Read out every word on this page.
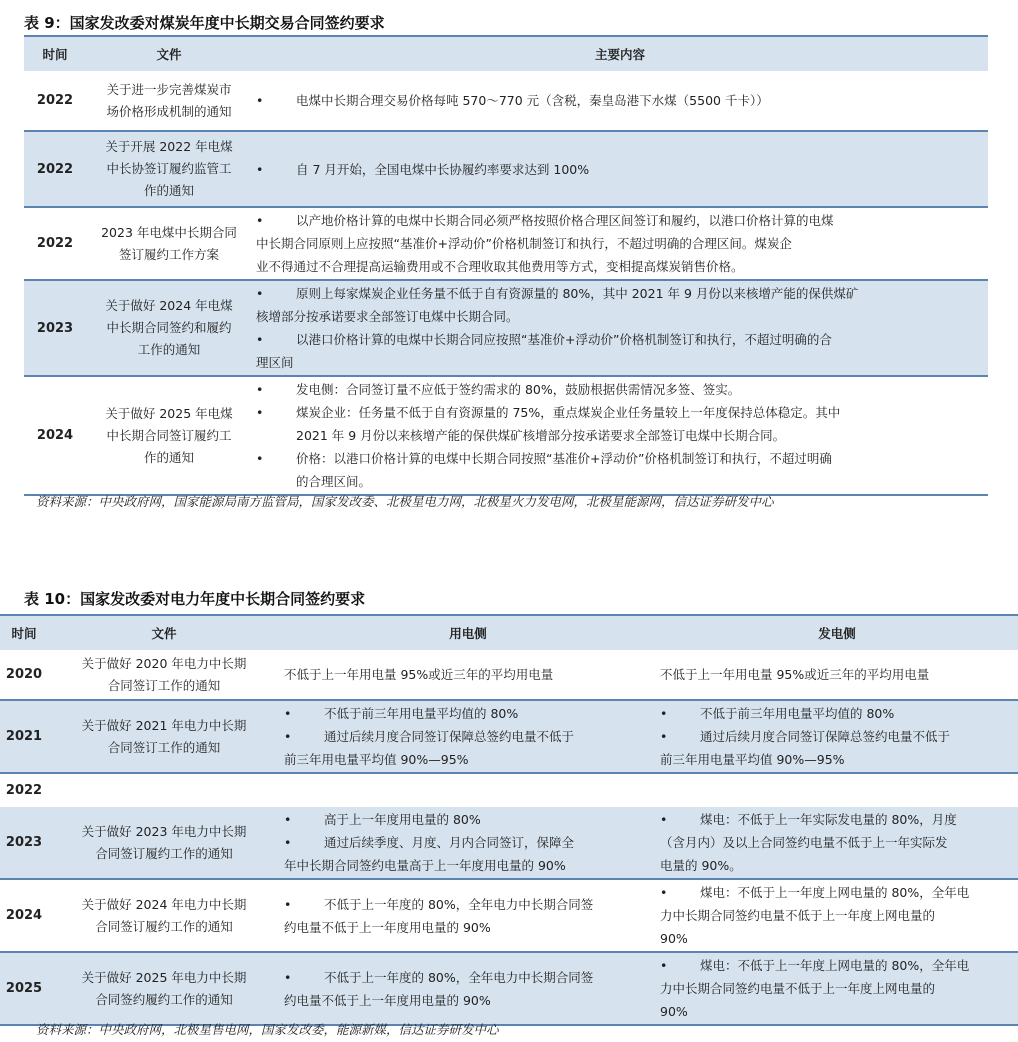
表 9：国家发改委对煤炭年度中长期交易合同签约要求
时间	文件	主要内容
2022	关于进一步完善煤炭市
场价格形成机制的通知	• 电煤中长期合理交易价格每吨 570～770 元（含税，秦皇岛港下水煤（5500 千卡））

2022	关于开展 2022 年电煤
中长协签订履约监管工
作的通知	• 自 7 月开始，全国电煤中长协履约率要求达到 100%

2022	2023 年电煤中长期合同
签订履约工作方案	• 以产地价格计算的电煤中长期合同必须严格按照价格合理区间签订和履约，以港口价格计算的电煤
中长期合同原则上应按照“基准价+浮动价”价格机制签订和执行，不超过明确的合理区间。煤炭企
业不得通过不合理提高运输费用或不合理收取其他费用等方式，变相提高煤炭销售价格。

2023	关于做好 2024 年电煤
中长期合同签约和履约
工作的通知	• 原则上每家煤炭企业任务量不低于自有资源量的 80%，其中 2021 年 9 月份以来核增产能的保供煤矿
核增部分按承诺要求全部签订电煤中长期合同。
• 以港口价格计算的电煤中长期合同应按照“基准价+浮动价”价格机制签订和执行，不超过明确的合
理区间

2024	关于做好 2025 年电煤
中长期合同签订履约工
作的通知	• 发电侧：合同签订量不应低于签约需求的 80%，鼓励根据供需情况多签、签实。
• 煤炭企业：任务量不低于自有资源量的 75%，重点煤炭企业任务量较上一年度保持总体稳定。其中
2021 年 9 月份以来核增产能的保供煤矿核增部分按承诺要求全部签订电煤中长期合同。
• 价格：以港口价格计算的电煤中长期合同按照“基准价+浮动价”价格机制签订和执行，不超过明确
的合理区间。
资料来源：中央政府网，国家能源局南方监管局，国家发改委、北极星电力网，北极星火力发电网，北极星能源网，信达证券研发中心
表 10：国家发改委对电力年度中长期合同签约要求
时间	文件	用电侧	发电侧
2020	关于做好 2020 年电力中长期
合同签订工作的通知	不低于上一年用电量 95%或近三年的平均用电量	不低于上一年用电量 95%或近三年的平均用电量

2021	关于做好 2021 年电力中长期
合同签订工作的通知	• 不低于前三年用电量平均值的 80%
• 通过后续月度合同签订保障总签约电量不低于
前三年用电量平均值 90%—95%	• 不低于前三年用电量平均值的 80%
• 通过后续月度合同签订保障总签约电量不低于
前三年用电量平均值 90%—95%

2022			
2023	关于做好 2023 年电力中长期
合同签订履约工作的通知	• 高于上一年度用电量的 80%
• 通过后续季度、月度、月内合同签订，保障全
年中长期合同签约电量高于上一年度用电量的 90%	• 煤电：不低于上一年实际发电量的 80%，月度
（含月内）及以上合同签约电量不低于上一年实际发
电量的 90%。

2024	关于做好 2024 年电力中长期
合同签订履约工作的通知	• 不低于上一年度的 80%，全年电力中长期合同签
约电量不低于上一年度用电量的 90%	• 煤电：不低于上一年度上网电量的 80%，全年电
力中长期合同签约电量不低于上一年度上网电量的
90%

2025	关于做好 2025 年电力中长期
合同签约履约工作的通知	• 不低于上一年度的 80%，全年电力中长期合同签
约电量不低于上一年度用电量的 90%	• 煤电：不低于上一年度上网电量的 80%，全年电
力中长期合同签约电量不低于上一年度上网电量的
90%
资料来源：中央政府网，北极星售电网，国家发改委，能源新媒，信达证券研发中心
